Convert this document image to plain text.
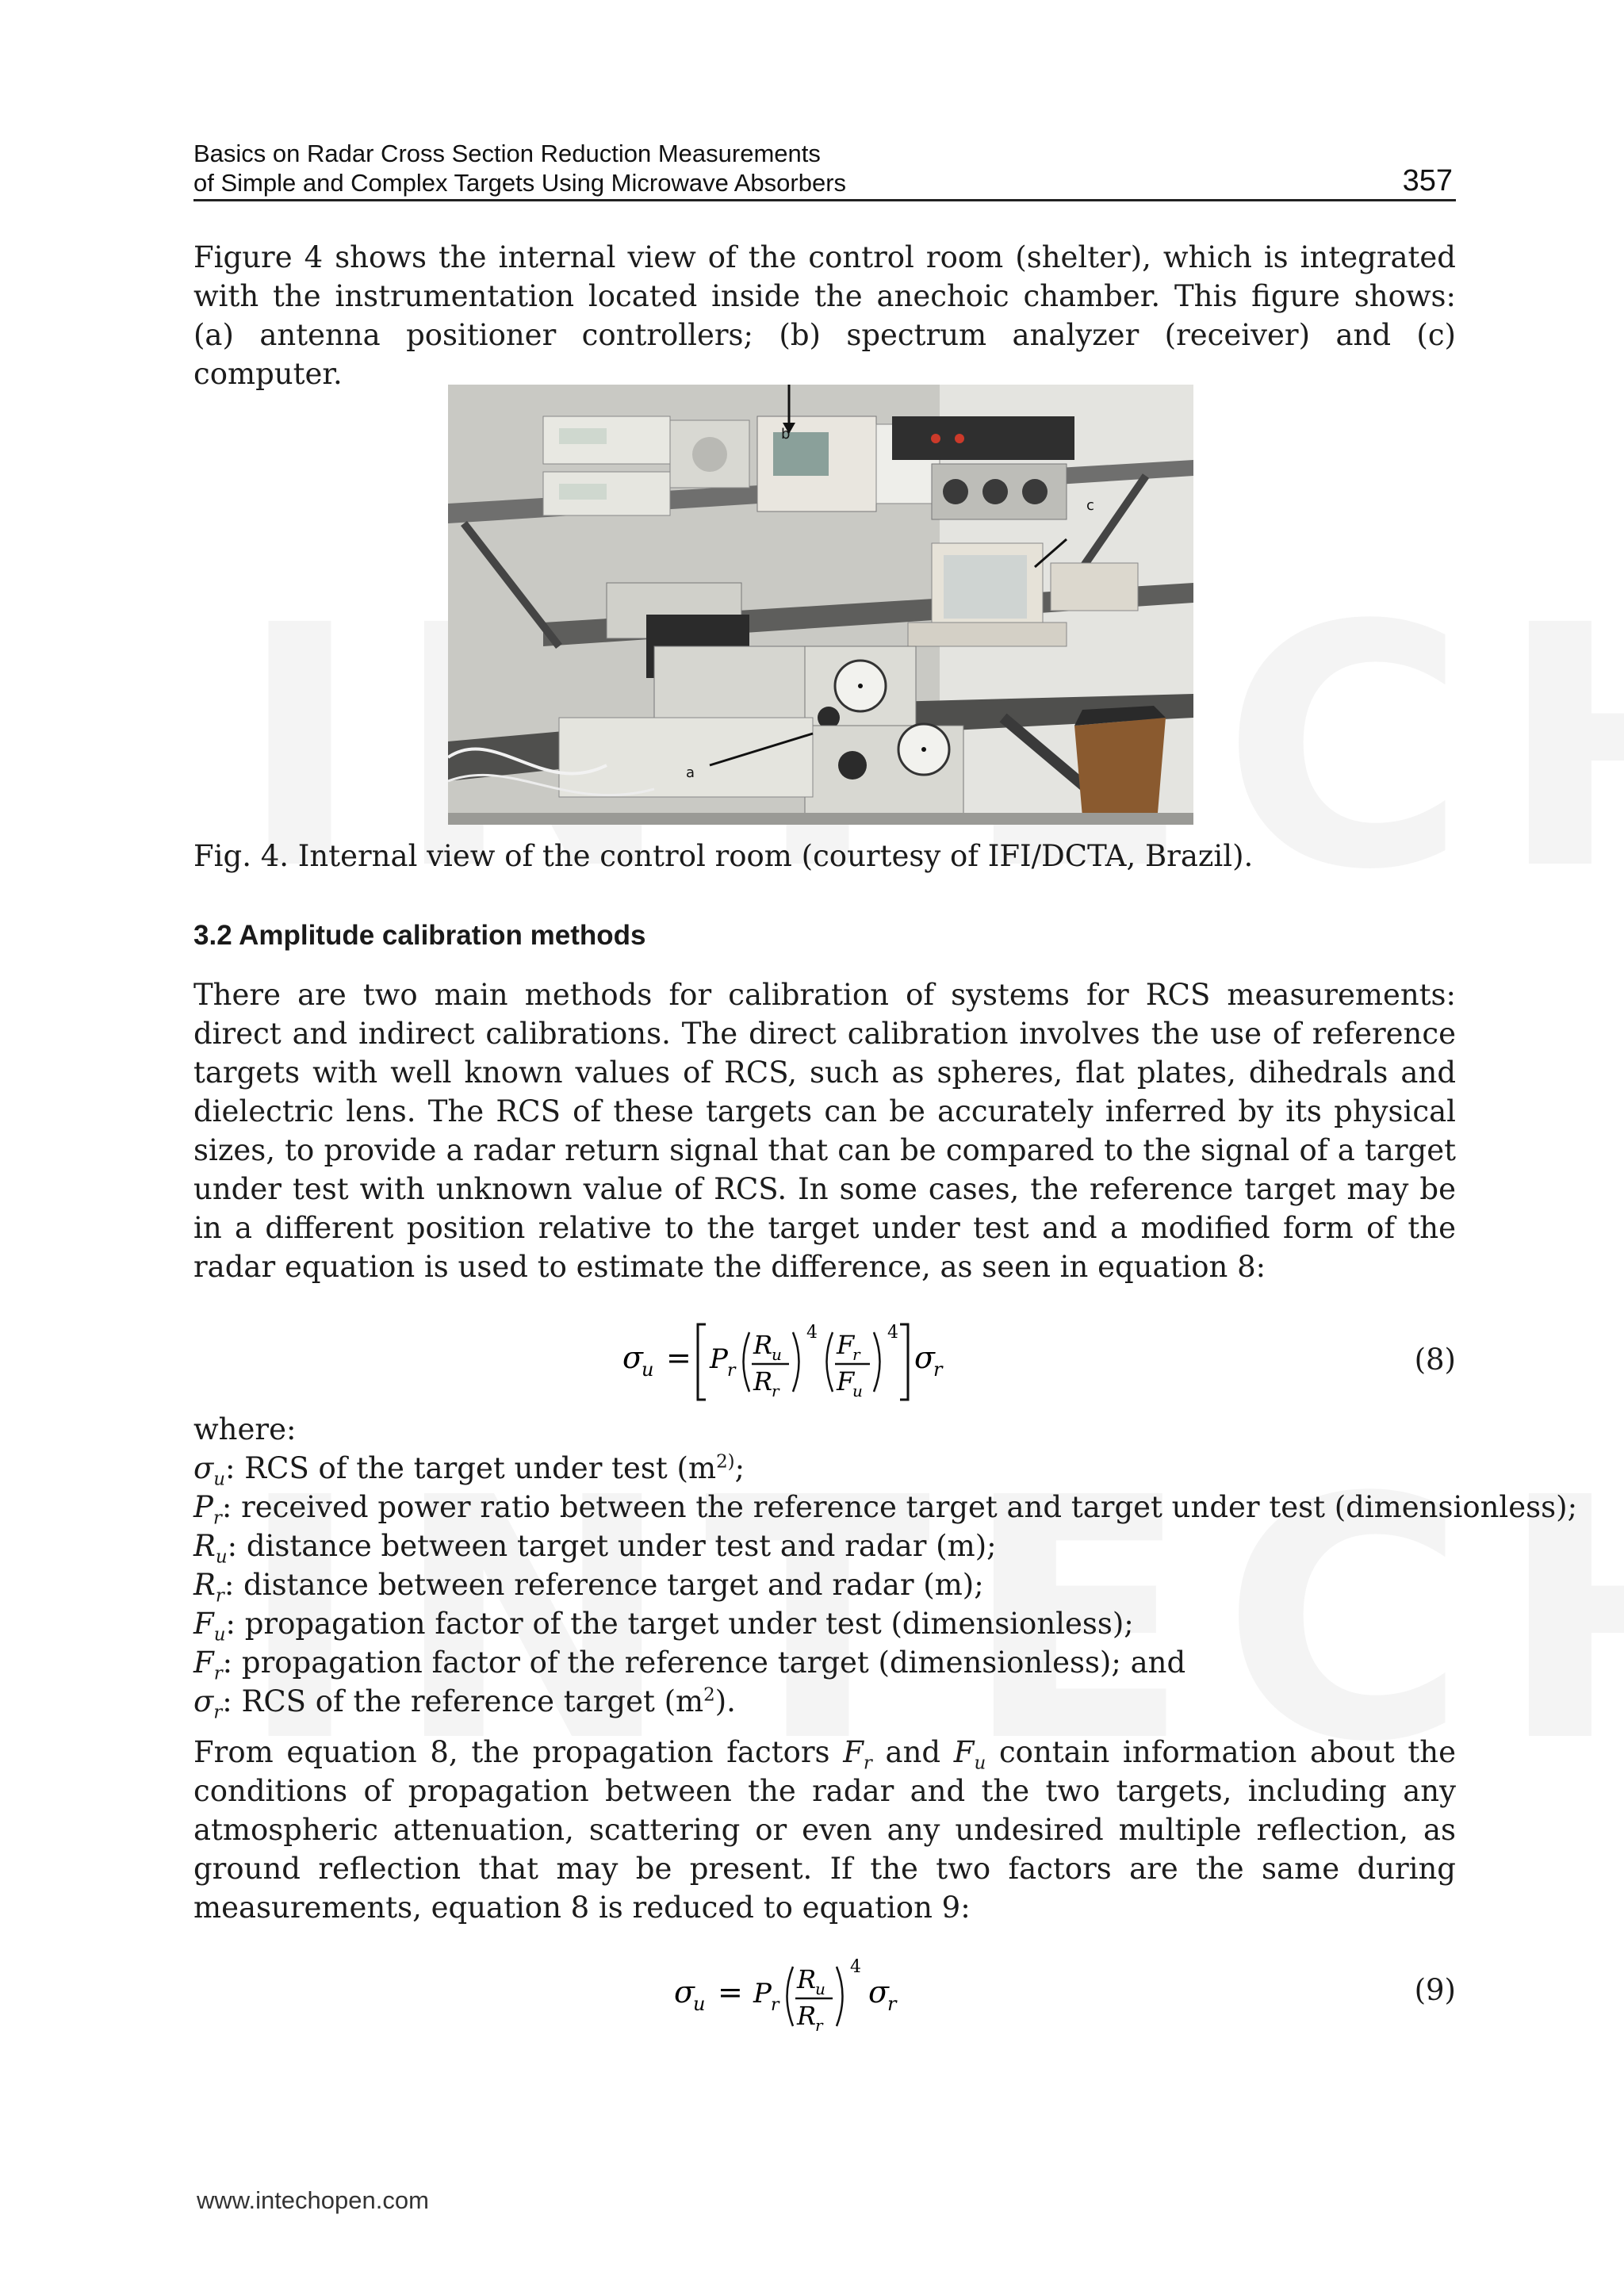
Basics on Radar Cross Section Reduction Measurements
of Simple and Complex Targets Using Microwave Absorbers	357

Figure 4 shows the internal view of the control room (shelter), which is integrated with the instrumentation located inside the anechoic chamber. This figure shows: (a) antenna positioner controllers; (b) spectrum analyzer (receiver) and (c) computer.

b
c
a
Fig. 4. Internal view of the control room (courtesy of IFI/DCTA, Brazil).
3.2 Amplitude calibration methods

There are two main methods for calibration of systems for RCS measurements: direct and indirect calibrations. The direct calibration involves the use of reference targets with well known values of RCS, such as spheres, flat plates, dihedrals and dielectric lens. The RCS of these targets can be accurately inferred by its physical sizes, to provide a radar return signal that can be compared to the signal of a target under test with unknown value of RCS. In some cases, the reference target may be in a different position relative to the target under test and a modified form of the radar equation is used to estimate the difference, as seen in equation 8:

σ
u = P r
R
u
R
r
4 F
r
F
u
4
σ
r	(8)
where:
$\sigma_u$: RCS of the target under test ($m^{2)}$;
$P_r$: received power ratio between the reference target and target under test (dimensionless);
$R_u$: distance between target under test and radar (m);
$R_r$: distance between reference target and radar (m);
$F_u$: propagation factor of the target under test (dimensionless);
$F_r$: propagation factor of the reference target (dimensionless); and
$\sigma_r$: RCS of the reference target $(m^2)$.

From equation 8, the propagation factors $F_r$ and $F_u$ contain information about the conditions of propagation between the radar and the two targets, including any atmospheric attenuation, scattering or even any undesired multiple reflection, as ground reflection that may be present. If the two factors are the same during measurements, equation 8 is reduced to equation 9:

σ
u = P r
R
u
R
r
4
σ
r	(9)
www.intechopen.com
